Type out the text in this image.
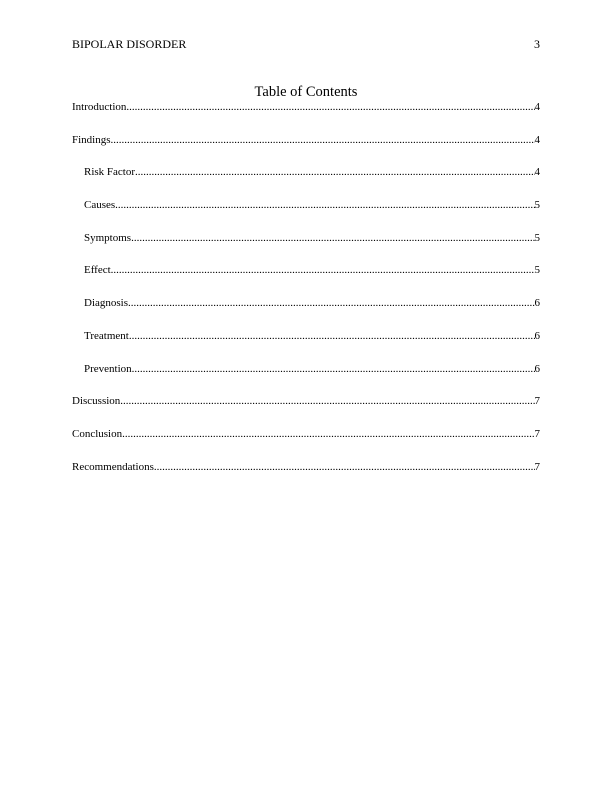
BIPOLAR DISORDER	3
Table of Contents
Introduction .....	4
Findings .....	4
Risk Factor .....	4
Causes .....	5
Symptoms .....	5
Effect .....	5
Diagnosis .....	6
Treatment .....	6
Prevention .....	6
Discussion .....	7
Conclusion .....	7
Recommendations .....	7
